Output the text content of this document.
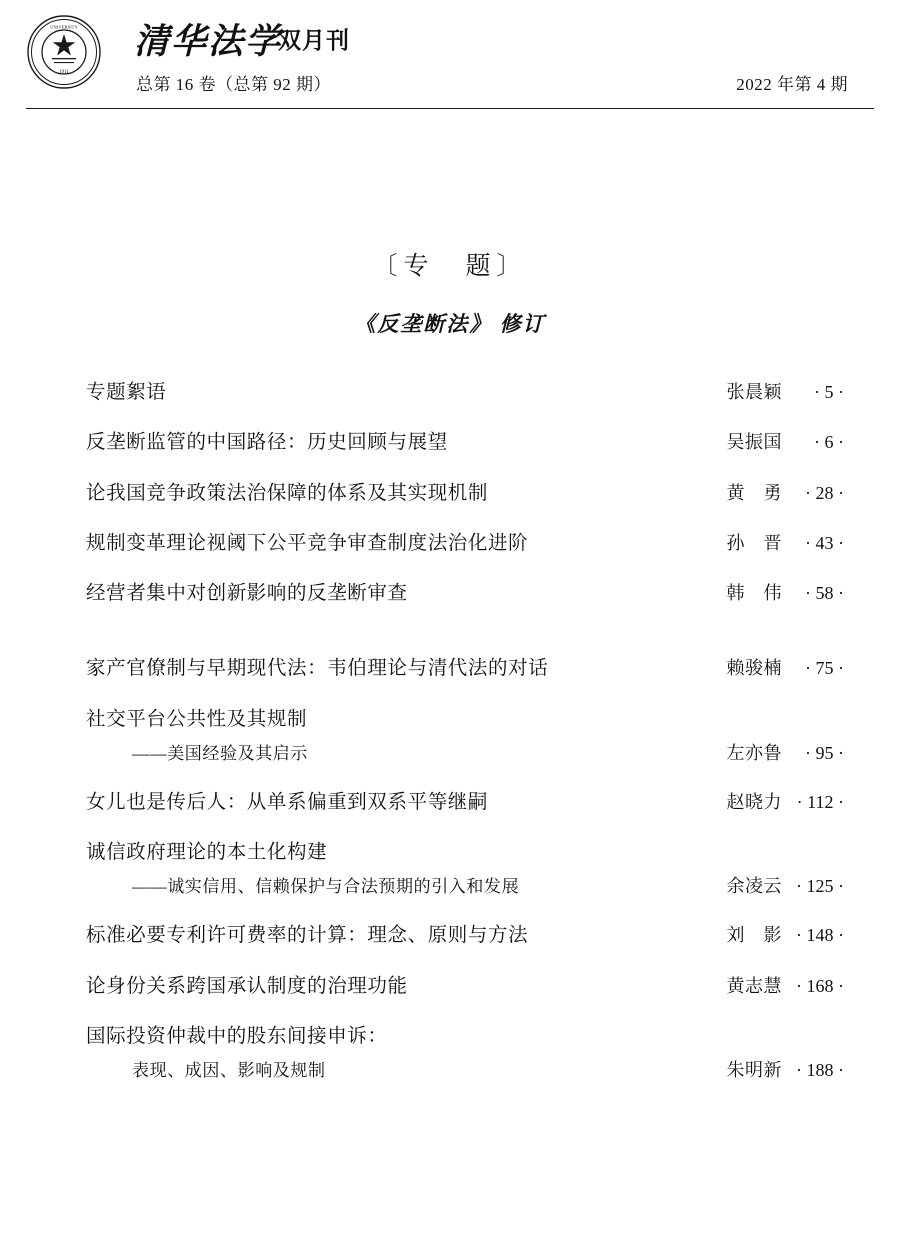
1911
UNIVERSITY 清华法学
双月刊
总第 16 卷（总第 92 期）	2022 年第 4 期
〔专　题〕
《反垄断法》 修订
专题絮语	张晨颖	· 5 ·
反垄断监管的中国路径：历史回顾与展望	吴振国	· 6 ·
论我国竞争政策法治保障的体系及其实现机制	黄　勇	· 28 ·
规制变革理论视阈下公平竞争审查制度法治化进阶	孙　晋	· 43 ·
经营者集中对创新影响的反垄断审查	韩　伟	· 58 ·
家产官僚制与早期现代法：韦伯理论与清代法的对话	赖骏楠	· 75 ·
社交平台公共性及其规制
——美国经验及其启示	左亦鲁	· 95 ·
女儿也是传后人：从单系偏重到双系平等继嗣	赵晓力 · 112 ·
诚信政府理论的本土化构建
——诚实信用、信赖保护与合法预期的引入和发展	余凌云 · 125 ·
标准必要专利许可费率的计算：理念、原则与方法	刘　影 · 148 ·
论身份关系跨国承认制度的治理功能	黄志慧 · 168 ·
国际投资仲裁中的股东间接申诉：
表现、成因、影响及规制	朱明新 · 188 ·
